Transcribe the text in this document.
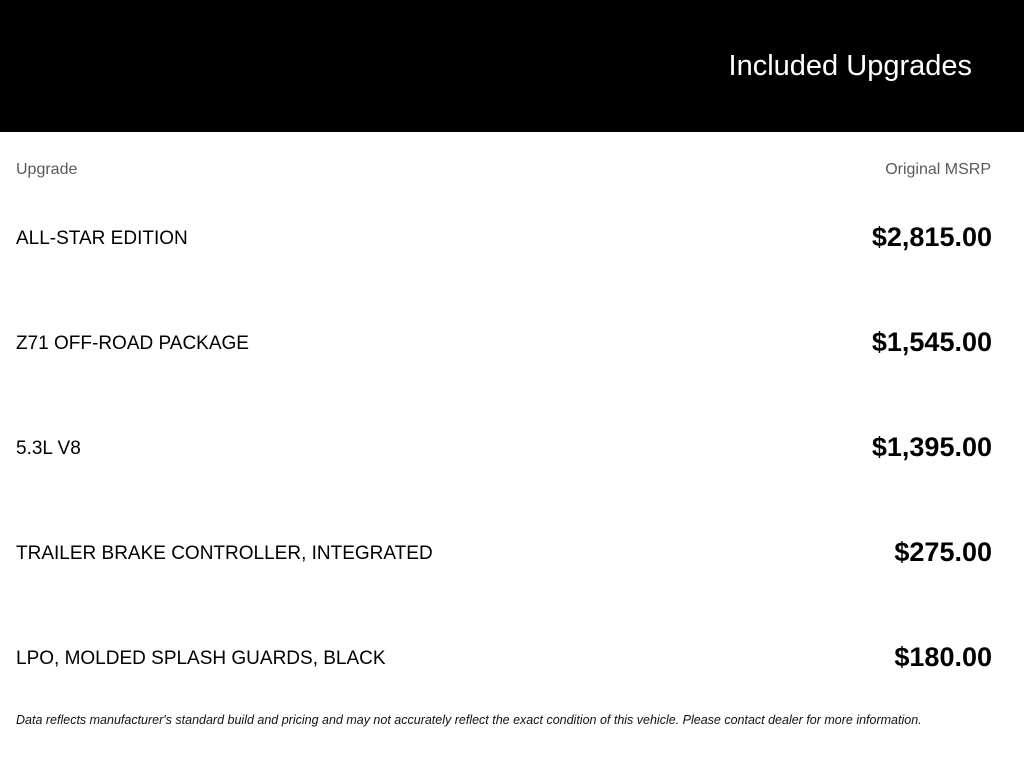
Included Upgrades
Upgrade	Original MSRP
ALL-STAR EDITION	$2,815.00
Z71 OFF-ROAD PACKAGE	$1,545.00
5.3L V8	$1,395.00
TRAILER BRAKE CONTROLLER, INTEGRATED	$275.00
LPO, MOLDED SPLASH GUARDS, BLACK	$180.00
Data reflects manufacturer's standard build and pricing and may not accurately reflect the exact condition of this vehicle. Please contact dealer for more information.
